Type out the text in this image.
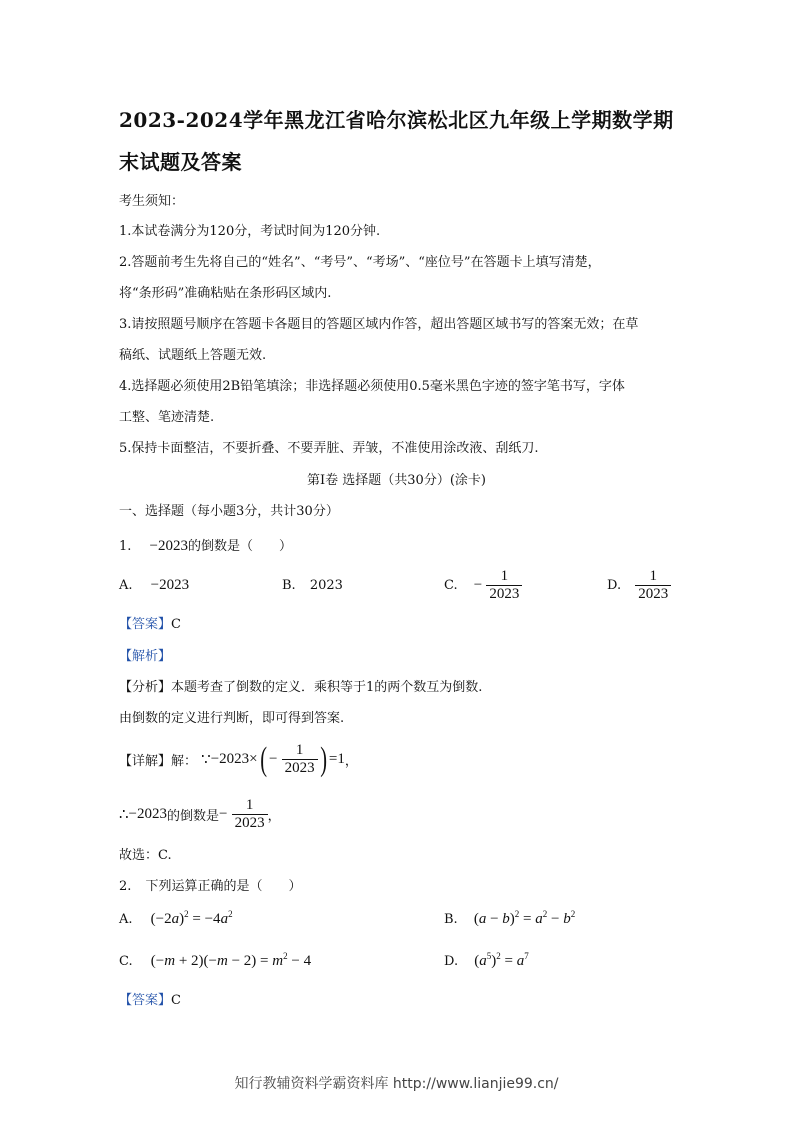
2023-2024学年黑龙江省哈尔滨松北区九年级上学期数学期
末试题及答案
考生须知：
1.本试卷满分为120分，考试时间为120分钟.
2.答题前考生先将自己的“姓名”、“考号”、“考场”、“座位号”在答题卡上填写清楚，
将“条形码”准确粘贴在条形码区域内.
3.请按照题号顺序在答题卡各题目的答题区域内作答，超出答题区域书写的答案无效；在草
稿纸、试题纸上答题无效.
4.选择题必须使用2B铅笔填涂；非选择题必须使用0.5毫米黑色字迹的签字笔书写，字体
工整、笔迹清楚.
5.保持卡面整洁，不要折叠、不要弄脏、弄皱，不准使用涂改液、刮纸刀.
第Ⅰ卷 选择题（共30分）(涂卡)
一、选择题（每小题3分，共计30分）
1. −2023的倒数是（　　）
A. −2023	B. 2023	C. − $\frac{1}{2023}$	D. $\frac{1}{2023}$
【答案】C
【解析】
【分析】本题考查了倒数的定义．乘积等于1的两个数互为倒数.
由倒数的定义进行判断，即可得到答案.
【详解】解： ∵−2023×( − $\frac{1}{2023}$ ) =1，
∴−2023的倒数是− $\frac{1}{2023}$ ，
故选：C.
2. 下列运算正确的是（　　）
A. $(-2a)^2 = -4a^2$	B. $(a - b)^2 = a^2 - b^2$
C. $(-m + 2)(-m - 2) = m^2 - 4$	D. $(a^5)^2 = a^7$
【答案】C
知行教辅资料学霸资料库 http://www.lianjie99.cn/
